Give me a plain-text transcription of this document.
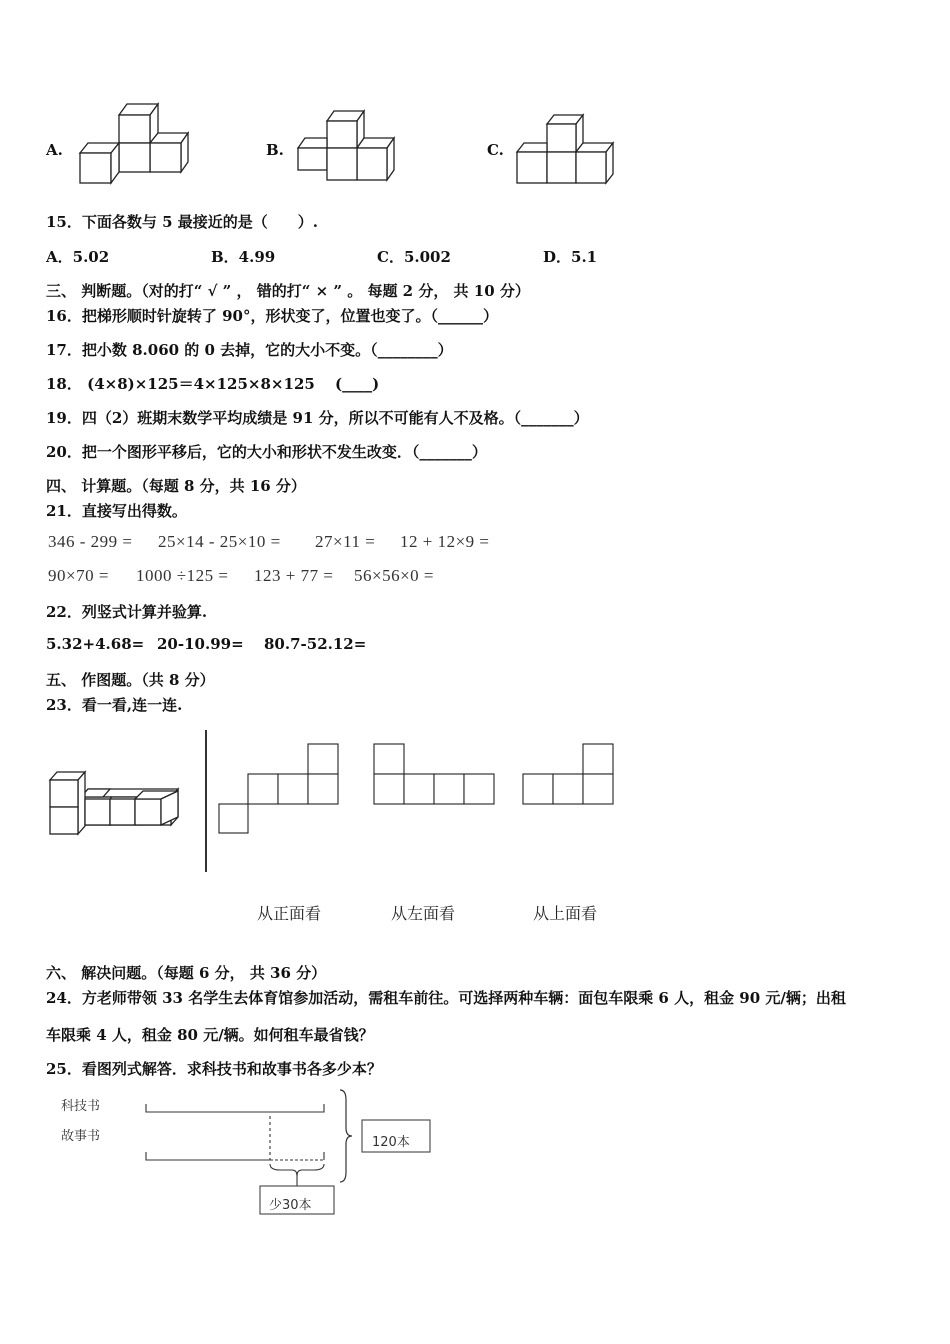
A.	B.	C.
15．下面各数与 5 最接近的是（　　）.
A．5.02	B．4.99	C．5.002	D．5.1
三、 判断题。（对的打“ √ ” ， 错的打“ × ” 。 每题 2 分， 共 10 分）
16．把梯形顺时针旋转了 90°，形状变了，位置也变了。（______）
17．把小数 8.060 的 0 去掉，它的大小不变。（________）
18． (4×8)×125＝4×125×8×125　 (____)
19．四（2）班期末数学平均成绩是 91 分，所以不可能有人不及格。（_______）
20．把一个图形平移后，它的大小和形状不发生改变．（_______）
四、 计算题。（每题 8 分，共 16 分）
21．直接写出得数。
346 - 299 = 25×14 - 25×10 = 27×11 = 12 + 12×9 =
90×70 = 1000 ÷125 = 123 + 77 = 56×56×0 =
22．列竖式计算并验算.
5.32+4.68= 20-10.99= 80.7-52.12=
五、 作图题。（共 8 分）
23．看一看,连一连.
从正面看	从左面看	从上面看
六、 解决问题。（每题 6 分， 共 36 分）
24．方老师带领 33 名学生去体育馆参加活动，需租车前往。可选择两种车辆：面包车限乘 6 人，租金 90 元/辆；出租
车限乘 4 人，租金 80 元/辆。如何租车最省钱？
25．看图列式解答．求科技书和故事书各多少本？
科技书
故事书	120本
少30本
